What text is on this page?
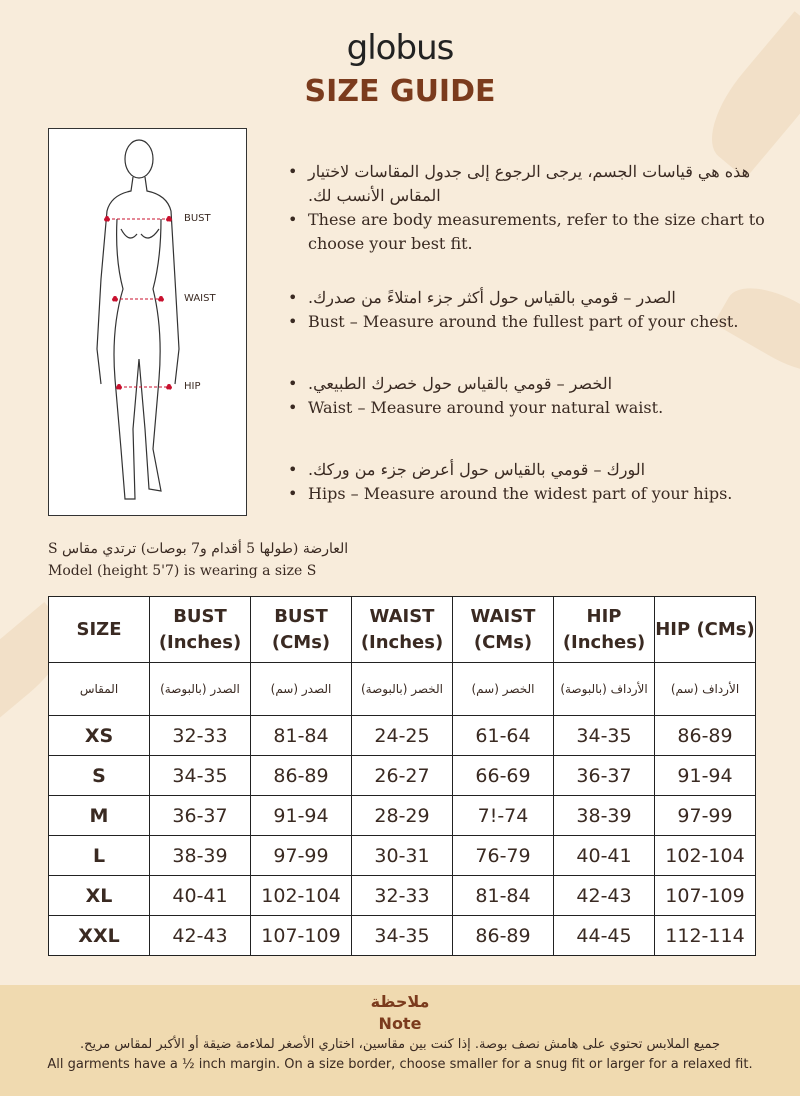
globus
SIZE GUIDE
BUST
WAIST
HIP
• هذه هي قياسات الجسم، يرجى الرجوع إلى جدول المقاسات لاختيار المقاس الأنسب لك.
• These are body measurements, refer to the size chart to choose your best fit.
• الصدر – قومي بالقياس حول أكثر جزء امتلاءً من صدرك.
• Bust – Measure around the fullest part of your chest.
• الخصر – قومي بالقياس حول خصرك الطبيعي.
• Waist – Measure around your natural waist.
• الورك – قومي بالقياس حول أعرض جزء من وركك.
• Hips – Measure around the widest part of your hips.
العارضة (طولها 5 أقدام و7 بوصات) ترتدي مقاس S
Model (height 5'7) is wearing a size S
SIZE	BUST (Inches)	BUST (CMs)	WAIST (Inches)	WAIST (CMs)	HIP (Inches)	HIP (CMs)
المقاس	الصدر (بالبوصة)	الصدر (سم)	الخصر (بالبوصة)	الخصر (سم)	الأرداف (بالبوصة)	الأرداف (سم)
XS	32-33	81-84	24-25	61-64	34-35	86-89
S	34-35	86-89	26-27	66-69	36-37	91-94
M	36-37	91-94	28-29	7!-74	38-39	97-99
L	38-39	97-99	30-31	76-79	40-41	102-104
XL	40-41	102-104	32-33	81-84	42-43	107-109
XXL	42-43	107-109	34-35	86-89	44-45	112-114
ملاحظة
Note
جميع الملابس تحتوي على هامش نصف بوصة. إذا كنت بين مقاسين، اختاري الأصغر لملاءمة ضيقة أو الأكبر لمقاس مريح.
All garments have a ½ inch margin. On a size border, choose smaller for a snug fit or larger for a relaxed fit.
